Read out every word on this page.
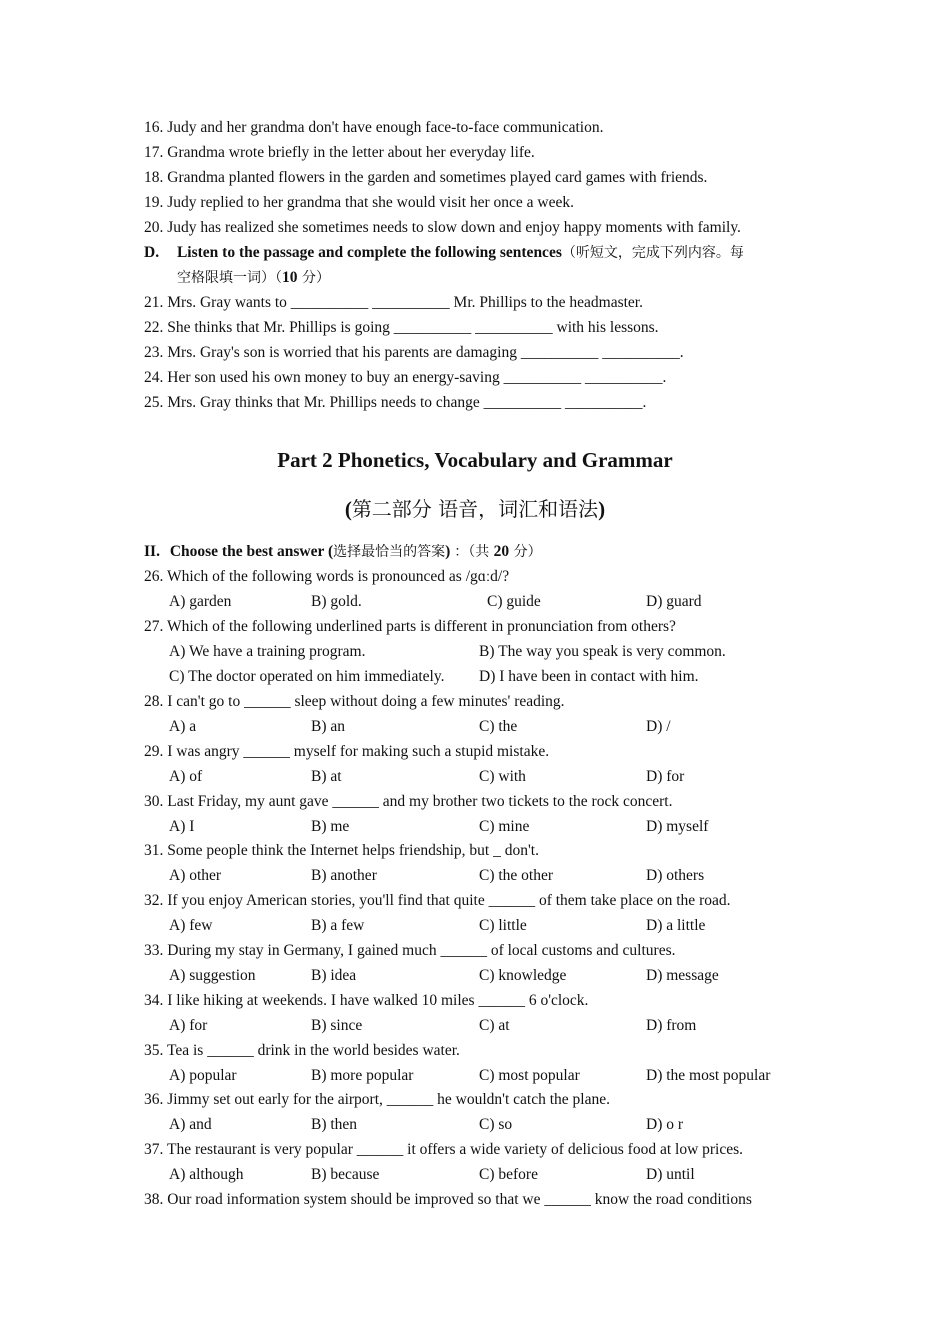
16. Judy and her grandma don't have enough face-to-face communication.
17. Grandma wrote briefly in the letter about her everyday life.
18. Grandma planted flowers in the garden and sometimes played card games with friends.
19. Judy replied to her grandma that she would visit her once a week.
20. Judy has realized she sometimes needs to slow down and enjoy happy moments with family.
D. Listen to the passage and complete the following sentences（听短文，完成下列内容。每
空格限填一词）（10 分）
21. Mrs. Gray wants to __________ __________ Mr. Phillips to the headmaster.
22. She thinks that Mr. Phillips is going __________ __________ with his lessons.
23. Mrs. Gray's son is worried that his parents are damaging __________ __________.
24. Her son used his own money to buy an energy-saving __________ __________.
25. Mrs. Gray thinks that Mr. Phillips needs to change __________ __________.
Part 2 Phonetics, Vocabulary and Grammar
(第二部分 语音，词汇和语法)
II. Choose the best answer (选择最恰当的答案) ：（共 20 分）
26. Which of the following words is pronounced as /gɑːd/?
A) garden	B) gold.	C) guide	D) guard
27. Which of the following underlined parts is different in pronunciation from others?
A) We have a training program.	B) The way you speak is very common.
C) The doctor operated on him immediately. D) I have been in contact with him.
28. I can't go to ______ sleep without doing a few minutes' reading.
A) a	B) an	C) the	D) /
29. I was angry ______ myself for making such a stupid mistake.
A) of	B) at	C) with	D) for
30. Last Friday, my aunt gave ______ and my brother two tickets to the rock concert.
A) I	B) me	C) mine	D) myself
31. Some people think the Internet helps friendship, but _ don't.
A) other	B) another	C) the other	D) others
32. If you enjoy American stories, you'll find that quite ______ of them take place on the road.
A) few	B) a few	C) little	D) a little
33. During my stay in Germany, I gained much ______ of local customs and cultures.
A) suggestion	B) idea	C) knowledge	D) message
34. I like hiking at weekends. I have walked 10 miles ______ 6 o'clock.
A) for	B) since	C) at	D) from
35. Tea is ______ drink in the world besides water.
A) popular	B) more popular	C) most popular	D) the most popular
36. Jimmy set out early for the airport, ______ he wouldn't catch the plane.
A) and	B) then	C) so	D) o r
37. The restaurant is very popular ______ it offers a wide variety of delicious food at low prices.
A) although	B) because	C) before	D) until
38. Our road information system should be improved so that we ______ know the road conditions
